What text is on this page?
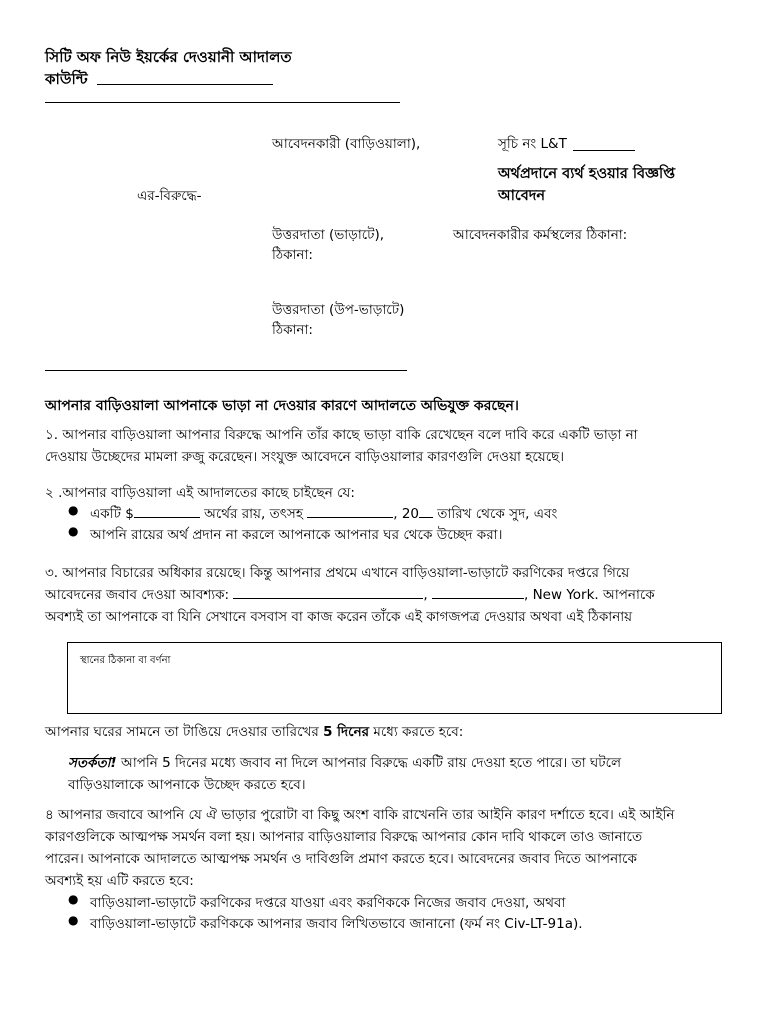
সিটি অফ নিউ ইয়র্কের দেওয়ানী আদালত
কাউন্টি
আবেদনকারী (বাড়িওয়ালা),	সূচি নং L&T
অর্থপ্রদানে ব্যর্থ হওয়ার বিজ্ঞপ্তি
আবেদন
এর-বিরুদ্ধে-
উত্তরদাতা (ভাড়াটে),	আবেদনকারীর কর্মস্থলের ঠিকানা:
ঠিকানা:
উত্তরদাতা (উপ-ভাড়াটে)
ঠিকানা:
আপনার বাড়িওয়ালা আপনাকে ভাড়া না দেওয়ার কারণে আদালতে অভিযুক্ত করছেন।
১. আপনার বাড়িওয়ালা আপনার বিরুদ্ধে আপনি তাঁর কাছে ভাড়া বাকি রেখেছেন বলে দাবি করে একটি ভাড়া না
দেওয়ায় উচ্ছেদের মামলা রুজু করেছেন। সংযুক্ত আবেদনে বাড়িওয়ালার কারণগুলি দেওয়া হয়েছে।
২ .আপনার বাড়িওয়ালা এই আদালতের কাছে চাইছেন যে:
● একটি $	অর্থের রায়, তৎসহ	, 20 তারিখ থেকে সুদ, এবং
● আপনি রায়ের অর্থ প্রদান না করলে আপনাকে আপনার ঘর থেকে উচ্ছেদ করা।
৩. আপনার বিচারের অধিকার রয়েছে। কিন্তু আপনার প্রথমে এখানে বাড়িওয়ালা-ভাড়াটে করণিকের দপ্তরে গিয়ে
আবেদনের জবাব দেওয়া আবশ্যক:	,	, New York. আপনাকে
অবশ্যই তা আপনাকে বা যিনি সেখানে বসবাস বা কাজ করেন তাঁকে এই কাগজপত্র দেওয়ার অথবা এই ঠিকানায়
স্থানের ঠিকানা বা বর্ণনা
আপনার ঘরের সামনে তা টাঙিয়ে দেওয়ার তারিখের 5 দিনের মধ্যে করতে হবে:
সতর্কতা! আপনি 5 দিনের মধ্যে জবাব না দিলে আপনার বিরুদ্ধে একটি রায় দেওয়া হতে পারে। তা ঘটলে
বাড়িওয়ালাকে আপনাকে উচ্ছেদ করতে হবে।
৪ আপনার জবাবে আপনি যে ঐ ভাড়ার পুরোটা বা কিছু অংশ বাকি রাখেননি তার আইনি কারণ দর্শাতে হবে। এই আইনি
কারণগুলিকে আত্মপক্ষ সমর্থন বলা হয়। আপনার বাড়িওয়ালার বিরুদ্ধে আপনার কোন দাবি থাকলে তাও জানাতে
পারেন। আপনাকে আদালতে আত্মপক্ষ সমর্থন ও দাবিগুলি প্রমাণ করতে হবে। আবেদনের জবাব দিতে আপনাকে
অবশ্যই হয় এটি করতে হবে:
● বাড়িওয়ালা-ভাড়াটে করণিকের দপ্তরে যাওয়া এবং করণিককে নিজের জবাব দেওয়া, অথবা
● বাড়িওয়ালা-ভাড়াটে করণিককে আপনার জবাব লিখিতভাবে জানানো (ফর্ম নং Civ-LT-91a).
